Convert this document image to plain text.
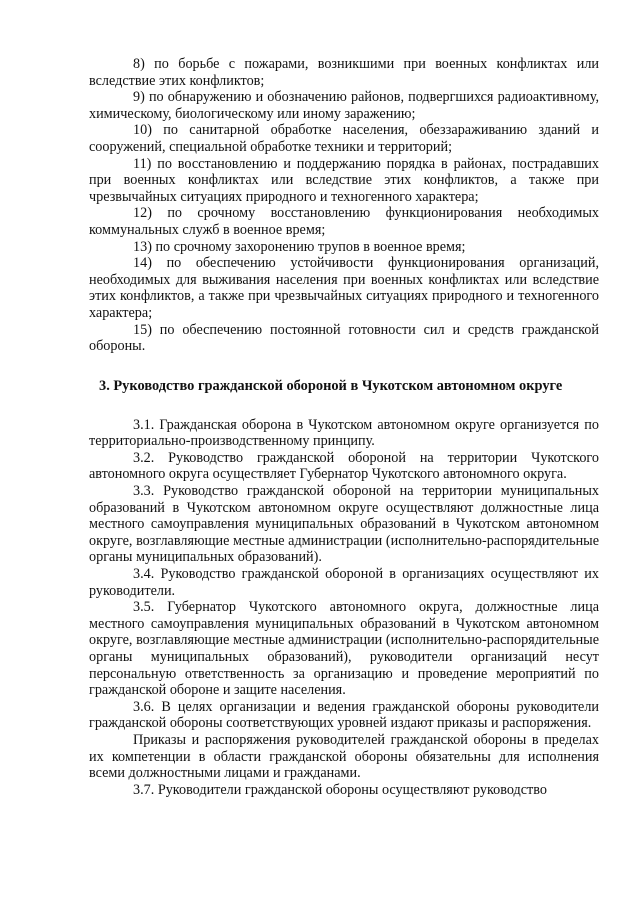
8) по борьбе с пожарами, возникшими при военных конфликтах или вследствие этих конфликтов;

9) по обнаружению и обозначению районов, подвергшихся радиоактивному, химическому, биологическому или иному заражению;

10) по санитарной обработке населения, обеззараживанию зданий и сооружений, специальной обработке техники и территорий;

11) по восстановлению и поддержанию порядка в районах, пострадавших при военных конфликтах или вследствие этих конфликтов, а также при чрезвычайных ситуациях природного и техногенного характера;

12) по срочному восстановлению функционирования необходимых коммунальных служб в военное время;

13) по срочному захоронению трупов в военное время;

14) по обеспечению устойчивости функционирования организаций, необходимых для выживания населения при военных конфликтах или вследствие этих конфликтов, а также при чрезвычайных ситуациях природного и техногенного характера;

15) по обеспечению постоянной готовности сил и средств гражданской обороны.

3. Руководство гражданской обороной в Чукотском автономном округе

3.1. Гражданская оборона в Чукотском автономном округе организуется по территориально-производственному принципу.

3.2. Руководство гражданской обороной на территории Чукотского автономного округа осуществляет Губернатор Чукотского автономного округа.

3.3. Руководство гражданской обороной на территории муниципальных образований в Чукотском автономном округе осуществляют должностные лица местного самоуправления муниципальных образований в Чукотском автономном округе, возглавляющие местные администрации (исполнительно-распорядительные органы муниципальных образований).

3.4. Руководство гражданской обороной в организациях осуществляют их руководители.

3.5. Губернатор Чукотского автономного округа, должностные лица местного самоуправления муниципальных образований в Чукотском автономном округе, возглавляющие местные администрации (исполнительно-распорядительные органы муниципальных образований), руководители организаций несут персональную ответственность за организацию и проведение мероприятий по гражданской обороне и защите населения.

3.6. В целях организации и ведения гражданской обороны руководители гражданской обороны соответствующих уровней издают приказы и распоряжения.

Приказы и распоряжения руководителей гражданской обороны в пределах их компетенции в области гражданской обороны обязательны для исполнения всеми должностными лицами и гражданами.

3.7. Руководители гражданской обороны осуществляют руководство
